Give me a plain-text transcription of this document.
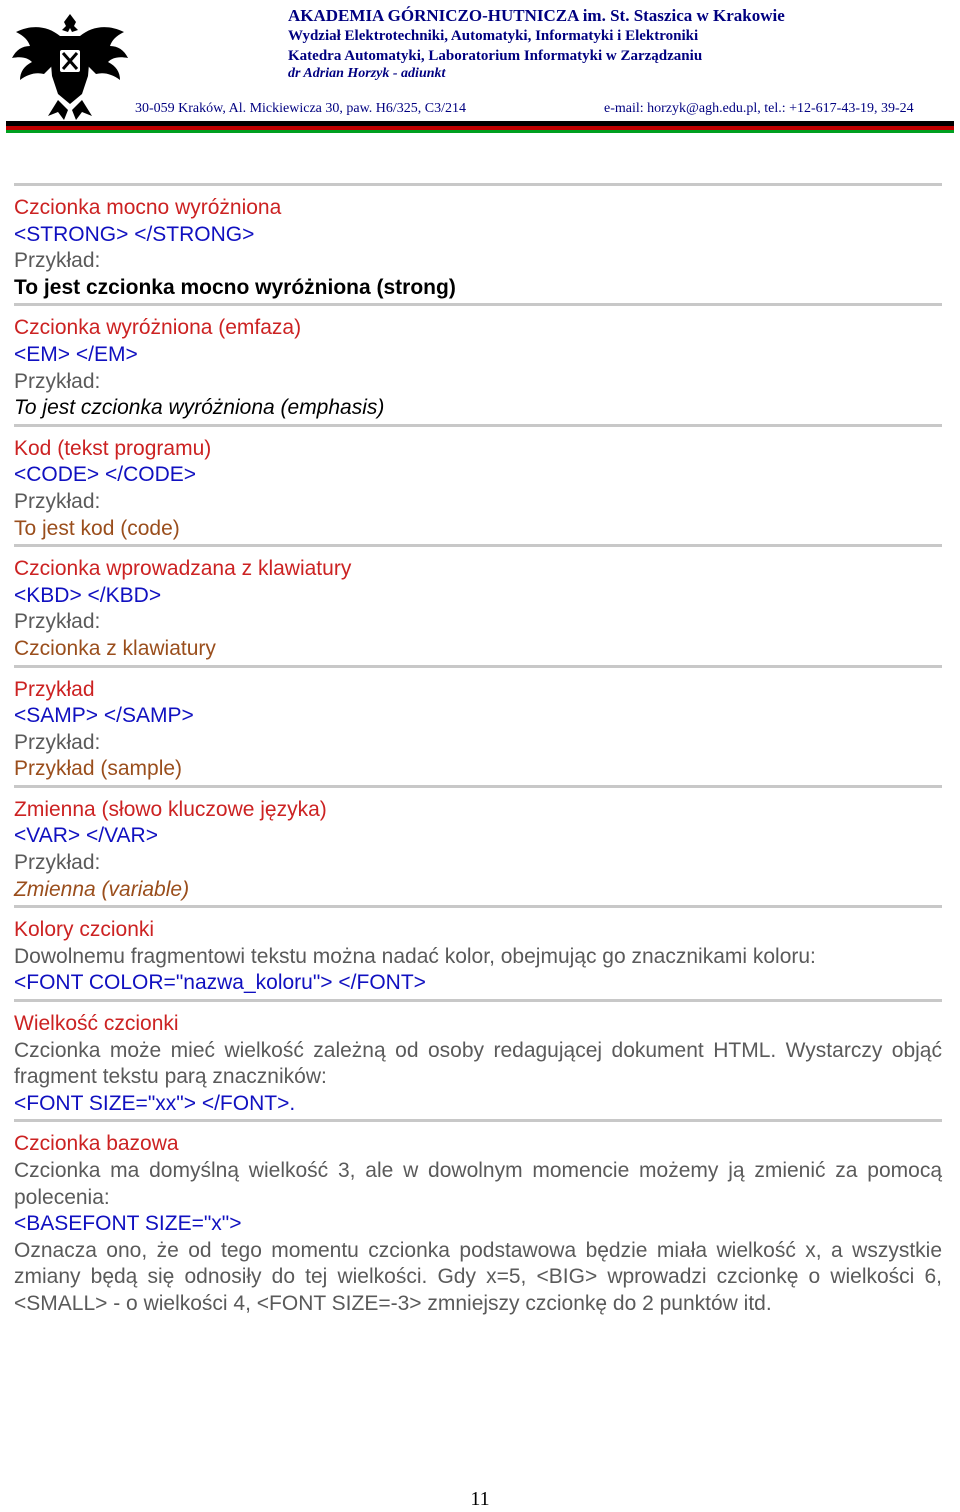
AKADEMIA GÓRNICZO-HUTNICZA im. St. Staszica w Krakowie
Wydział Elektrotechniki, Automatyki, Informatyki i Elektroniki
Katedra Automatyki, Laboratorium Informatyki w Zarządzaniu
dr Adrian Horzyk - adiunkt
30-059 Kraków, Al. Mickiewicza 30, paw. H6/325, C3/214	e-mail: horzyk@agh.edu.pl, tel.: +12-617-43-19, 39-24
Czcionka mocno wyróżniona
<STRONG> </STRONG>
Przykład:
To jest czcionka mocno wyróżniona (strong)
Czcionka wyróżniona (emfaza)
<EM> </EM>
Przykład:
To jest czcionka wyróżniona (emphasis)
Kod (tekst programu)
<CODE> </CODE>
Przykład:
To jest kod (code)
Czcionka wprowadzana z klawiatury
<KBD> </KBD>
Przykład:
Czcionka z klawiatury
Przykład
<SAMP> </SAMP>
Przykład:
Przykład (sample)
Zmienna (słowo kluczowe języka)
<VAR> </VAR>
Przykład:
Zmienna (variable)
Kolory czcionki
Dowolnemu fragmentowi tekstu można nadać kolor, obejmując go znacznikami koloru:
<FONT COLOR="nazwa_koloru"> </FONT>
Wielkość czcionki
Czcionka może mieć wielkość zależną od osoby redagującej dokument HTML. Wystarczy objąć fragment tekstu parą znaczników:
<FONT SIZE="xx"> </FONT>.
Czcionka bazowa
Czcionka ma domyślną wielkość 3, ale w dowolnym momencie możemy ją zmienić za pomocą polecenia:
<BASEFONT SIZE="x">
Oznacza ono, że od tego momentu czcionka podstawowa będzie miała wielkość x, a wszystkie zmiany będą się odnosiły do tej wielkości. Gdy x=5, <BIG> wprowadzi czcionkę o wielkości 6, <SMALL> - o wielkości 4, <FONT SIZE=-3> zmniejszy czcionkę do 2 punktów itd.
11
